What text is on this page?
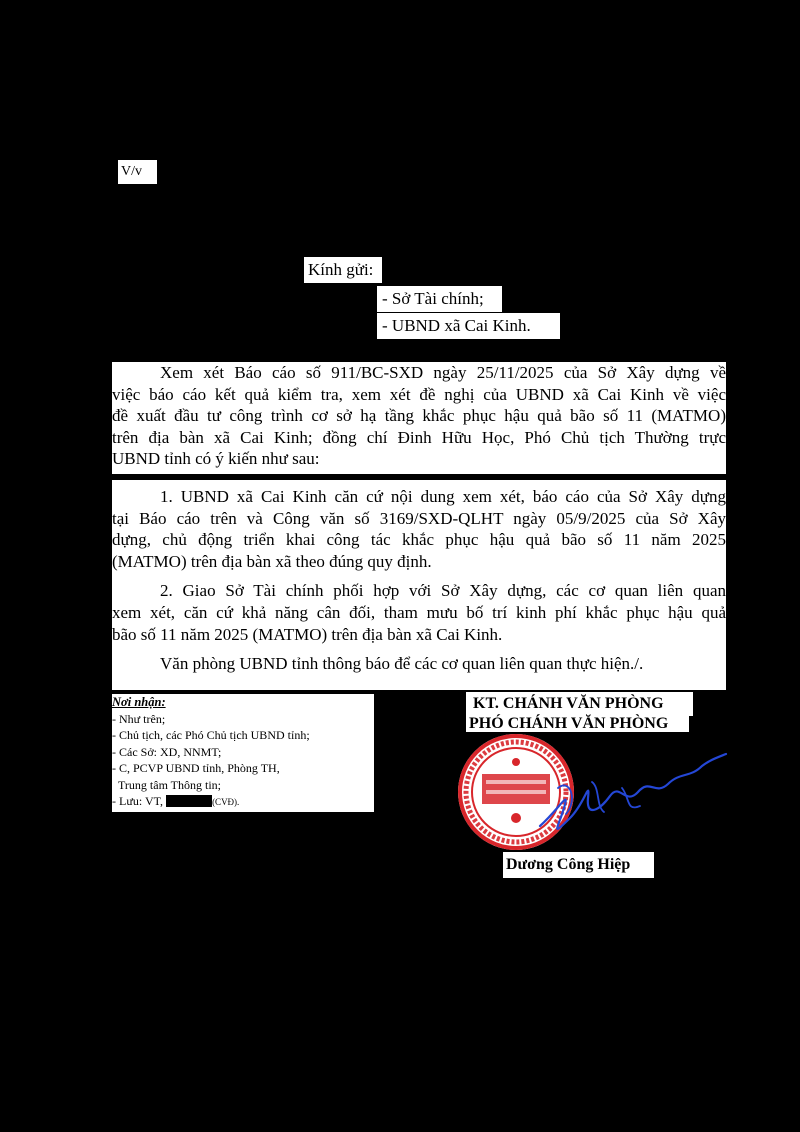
V/v
Kính gửi:
- Sở Tài chính;
- UBND xã Cai Kinh.

Xem xét Báo cáo số 911/BC-SXD ngày 25/11/2025 của Sở Xây dựng về

việc báo cáo kết quả kiểm tra, xem xét đề nghị của UBND xã Cai Kinh về việc

đề xuất đầu tư công trình cơ sở hạ tầng khắc phục hậu quả bão số 11 (MATMO)

trên địa bàn xã Cai Kinh; đồng chí Đinh Hữu Học, Phó Chủ tịch Thường trực

UBND tỉnh có ý kiến như sau:

1. UBND xã Cai Kinh căn cứ nội dung xem xét, báo cáo của Sở Xây dựng

tại Báo cáo trên và Công văn số 3169/SXD-QLHT ngày 05/9/2025 của Sở Xây

dựng, chủ động triển khai công tác khắc phục hậu quả bão số 11 năm 2025

(MATMO) trên địa bàn xã theo đúng quy định.

2. Giao Sở Tài chính phối hợp với Sở Xây dựng, các cơ quan liên quan

xem xét, căn cứ khả năng cân đối, tham mưu bố trí kinh phí khắc phục hậu quả

bão số 11 năm 2025 (MATMO) trên địa bàn xã Cai Kinh.

Văn phòng UBND tỉnh thông báo để các cơ quan liên quan thực hiện./.

Nơi nhận:
- Như trên;
- Chủ tịch, các Phó Chủ tịch UBND tỉnh;
- Các Sở: XD, NNMT;
- C, PCVP UBND tỉnh, Phòng TH,
Trung tâm Thông tin;
- Lưu: VT,	(CVĐ).
KT. CHÁNH VĂN PHÒNG
PHÓ CHÁNH VĂN PHÒNG
Dương Công Hiệp
